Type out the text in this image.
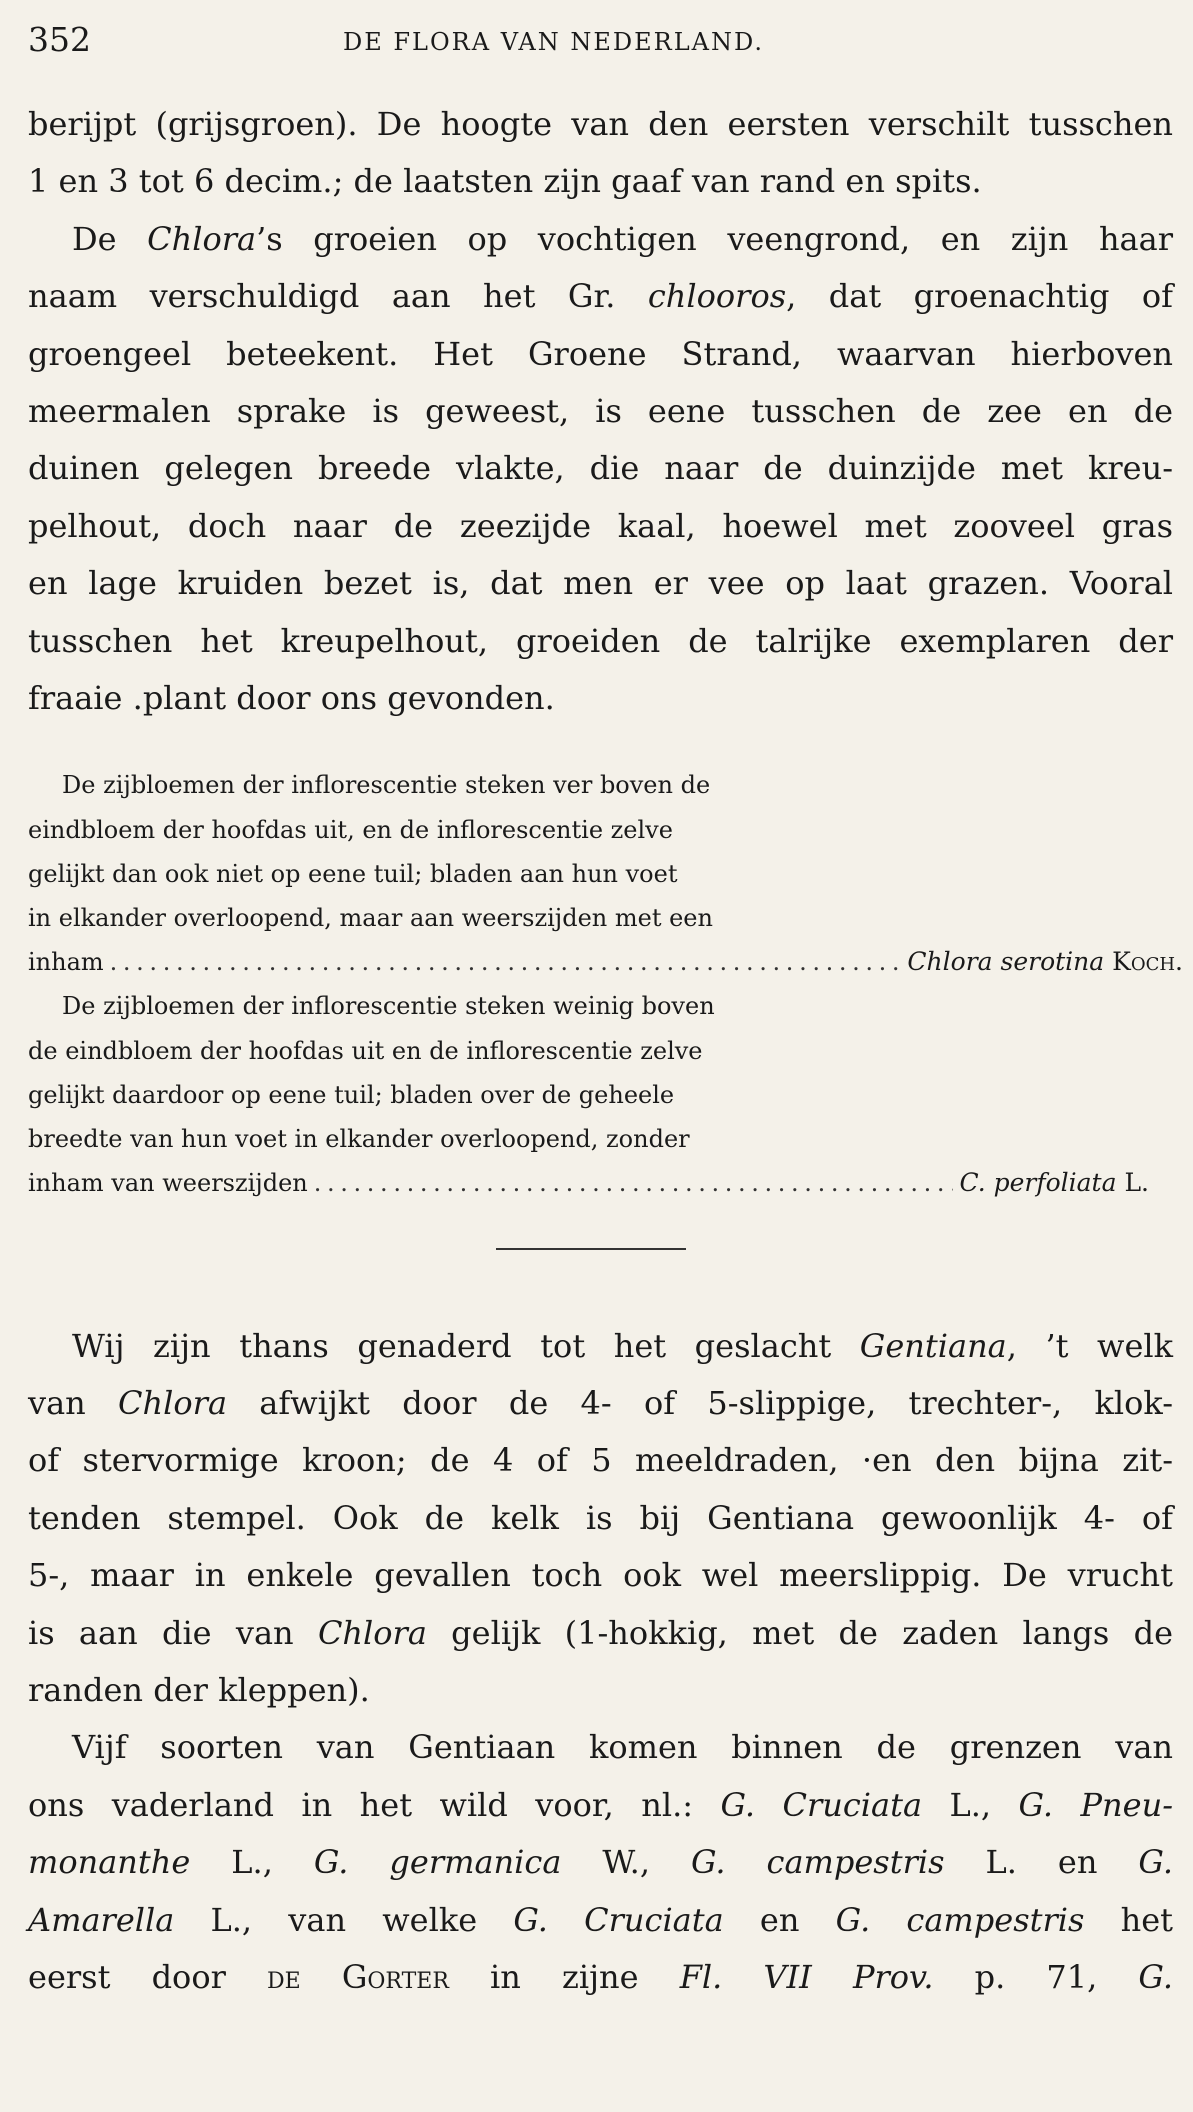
352	DE FLORA VAN NEDERLAND.
berijpt (grijsgroen). De hoogte van den eersten verschilt tusschen
1 en 3 tot 6 decim.; de laatsten zijn gaaf van rand en spits.
De Chlora’s groeien op vochtigen veengrond, en zijn haar
naam verschuldigd aan het Gr. chlooros, dat groenachtig of
groengeel beteekent. Het Groene Strand, waarvan hierboven
meermalen sprake is geweest, is eene tusschen de zee en de
duinen gelegen breede vlakte, die naar de duinzijde met kreu-
pelhout, doch naar de zeezijde kaal, hoewel met zooveel gras
en lage kruiden bezet is, dat men er vee op laat grazen. Vooral
tusschen het kreupelhout, groeiden de talrijke exemplaren der
fraaie .plant door ons gevonden.
De zijbloemen der inflorescentie steken ver boven de
eindbloem der hoofdas uit, en de inflorescentie zelve
gelijkt dan ook niet op eene tuil; bladen aan hun voet
in elkander overloopend, maar aan weerszijden met een
inham . . .	Chlora serotina Koch.
De zijbloemen der inflorescentie steken weinig boven
de eindbloem der hoofdas uit en de inflorescentie zelve
gelijkt daardoor op eene tuil; bladen over de geheele
breedte van hun voet in elkander overloopend, zonder
inham van weerszijden . . .	C. perfoliata L.
Wij zijn thans genaderd tot het geslacht Gentiana, ’t welk
van Chlora afwijkt door de 4- of 5-slippige, trechter-, klok-
of stervormige kroon; de 4 of 5 meeldraden, ·en den bijna zit-
tenden stempel. Ook de kelk is bij Gentiana gewoonlijk 4- of
5-, maar in enkele gevallen toch ook wel meerslippig. De vrucht
is aan die van Chlora gelijk (1-hokkig, met de zaden langs de
randen der kleppen).
Vijf soorten van Gentiaan komen binnen de grenzen van
ons vaderland in het wild voor, nl.: G. Cruciata L., G. Pneu-
monanthe L., G. germanica W., G. campestris L. en G.
Amarella L., van welke G. Cruciata en G. campestris het
eerst door de Gorter in zijne Fl. VII Prov. p. 71, G.
